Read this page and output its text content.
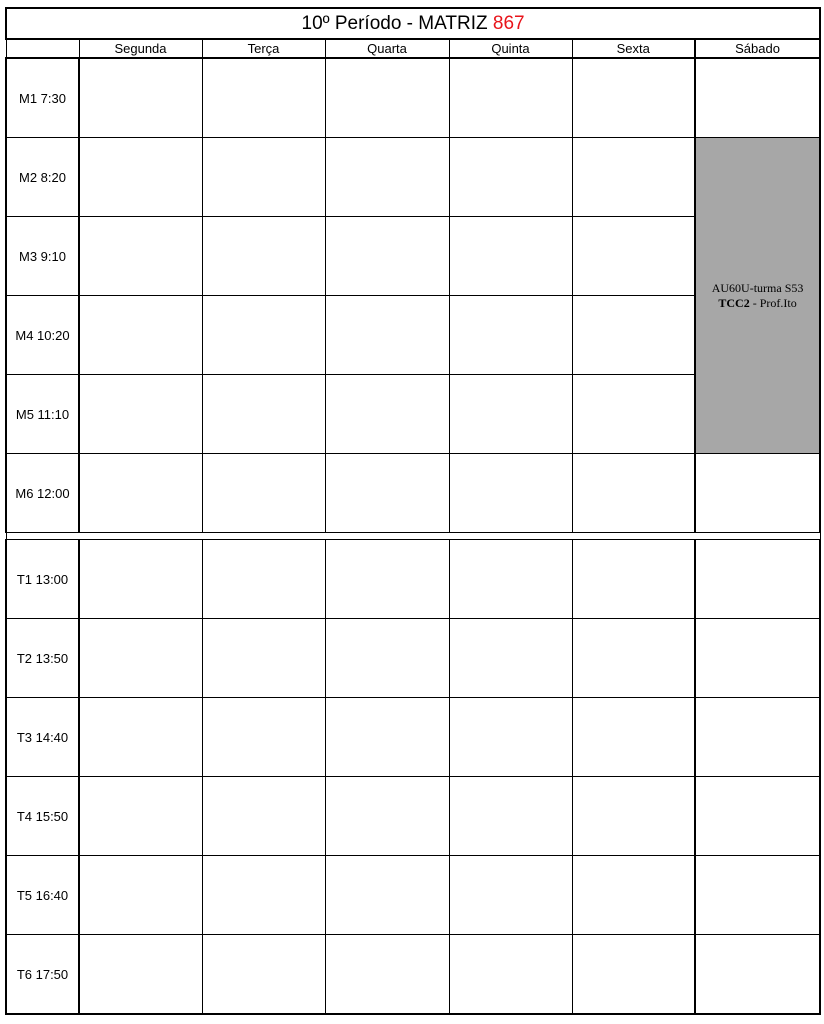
10º Período - MATRIZ 867						
	Segunda	Terça	Quarta	Quinta	Sexta	Sábado
M1 7:30						
M2 8:20						AU60U-turma S53
TCC2 - Prof.Ito

M3 9:10						
M4 10:20						
M5 11:10						
M6 12:00						

T1 13:00						
T2 13:50						
T3 14:40						
T4 15:50						
T5 16:40						
T6 17:50						
